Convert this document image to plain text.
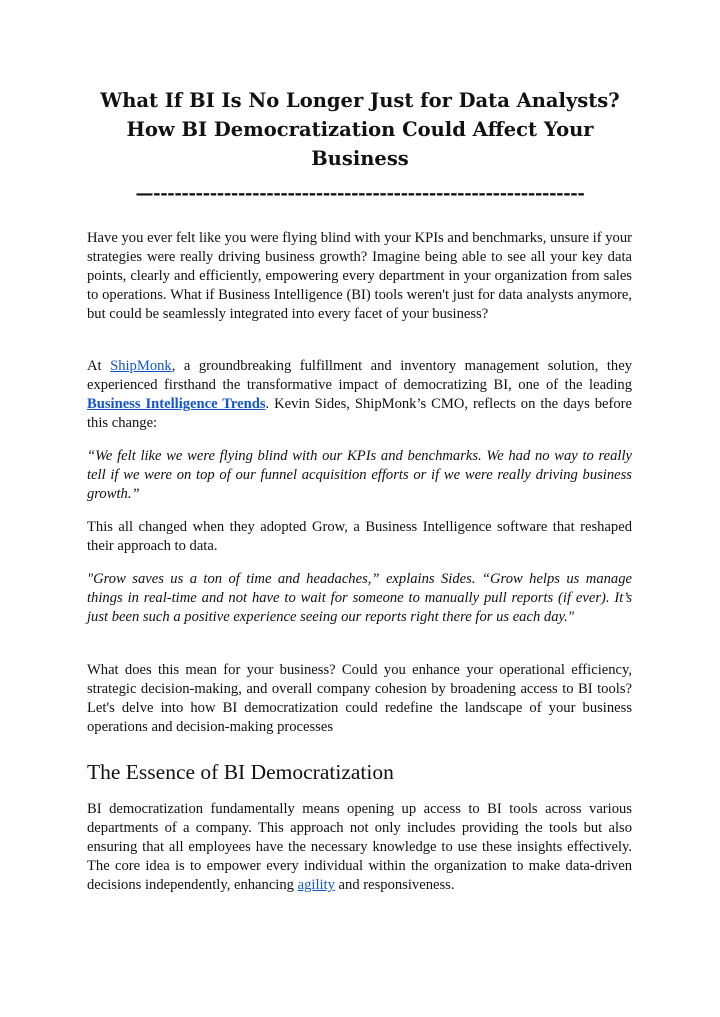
What If BI Is No Longer Just for Data Analysts?
How BI Democratization Could Affect Your
Business
—-------------------------------------------------------------

Have you ever felt like you were flying blind with your KPIs and benchmarks, unsure if your strategies were really driving business growth? Imagine being able to see all your key data points, clearly and efficiently, empowering every department in your organization from sales to operations. What if Business Intelligence (BI) tools weren't just for data analysts anymore, but could be seamlessly integrated into every facet of your business?

At ShipMonk, a groundbreaking fulfillment and inventory management solution, they experienced firsthand the transformative impact of democratizing BI, one of the leading Business Intelligence Trends. Kevin Sides, ShipMonk’s CMO, reflects on the days before this change:

“We felt like we were flying blind with our KPIs and benchmarks. We had no way to really tell if we were on top of our funnel acquisition efforts or if we were really driving business growth.”

This all changed when they adopted Grow, a Business Intelligence software that reshaped their approach to data.

"Grow saves us a ton of time and headaches,” explains Sides. “Grow helps us manage things in real-time and not have to wait for someone to manually pull reports (if ever). It’s just been such a positive experience seeing our reports right there for us each day."

What does this mean for your business? Could you enhance your operational efficiency, strategic decision-making, and overall company cohesion by broadening access to BI tools? Let's delve into how BI democratization could redefine the landscape of your business operations and decision-making processes

The Essence of BI Democratization

BI democratization fundamentally means opening up access to BI tools across various departments of a company. This approach not only includes providing the tools but also ensuring that all employees have the necessary knowledge to use these insights effectively. The core idea is to empower every individual within the organization to make data-driven decisions independently, enhancing agility and responsiveness.
